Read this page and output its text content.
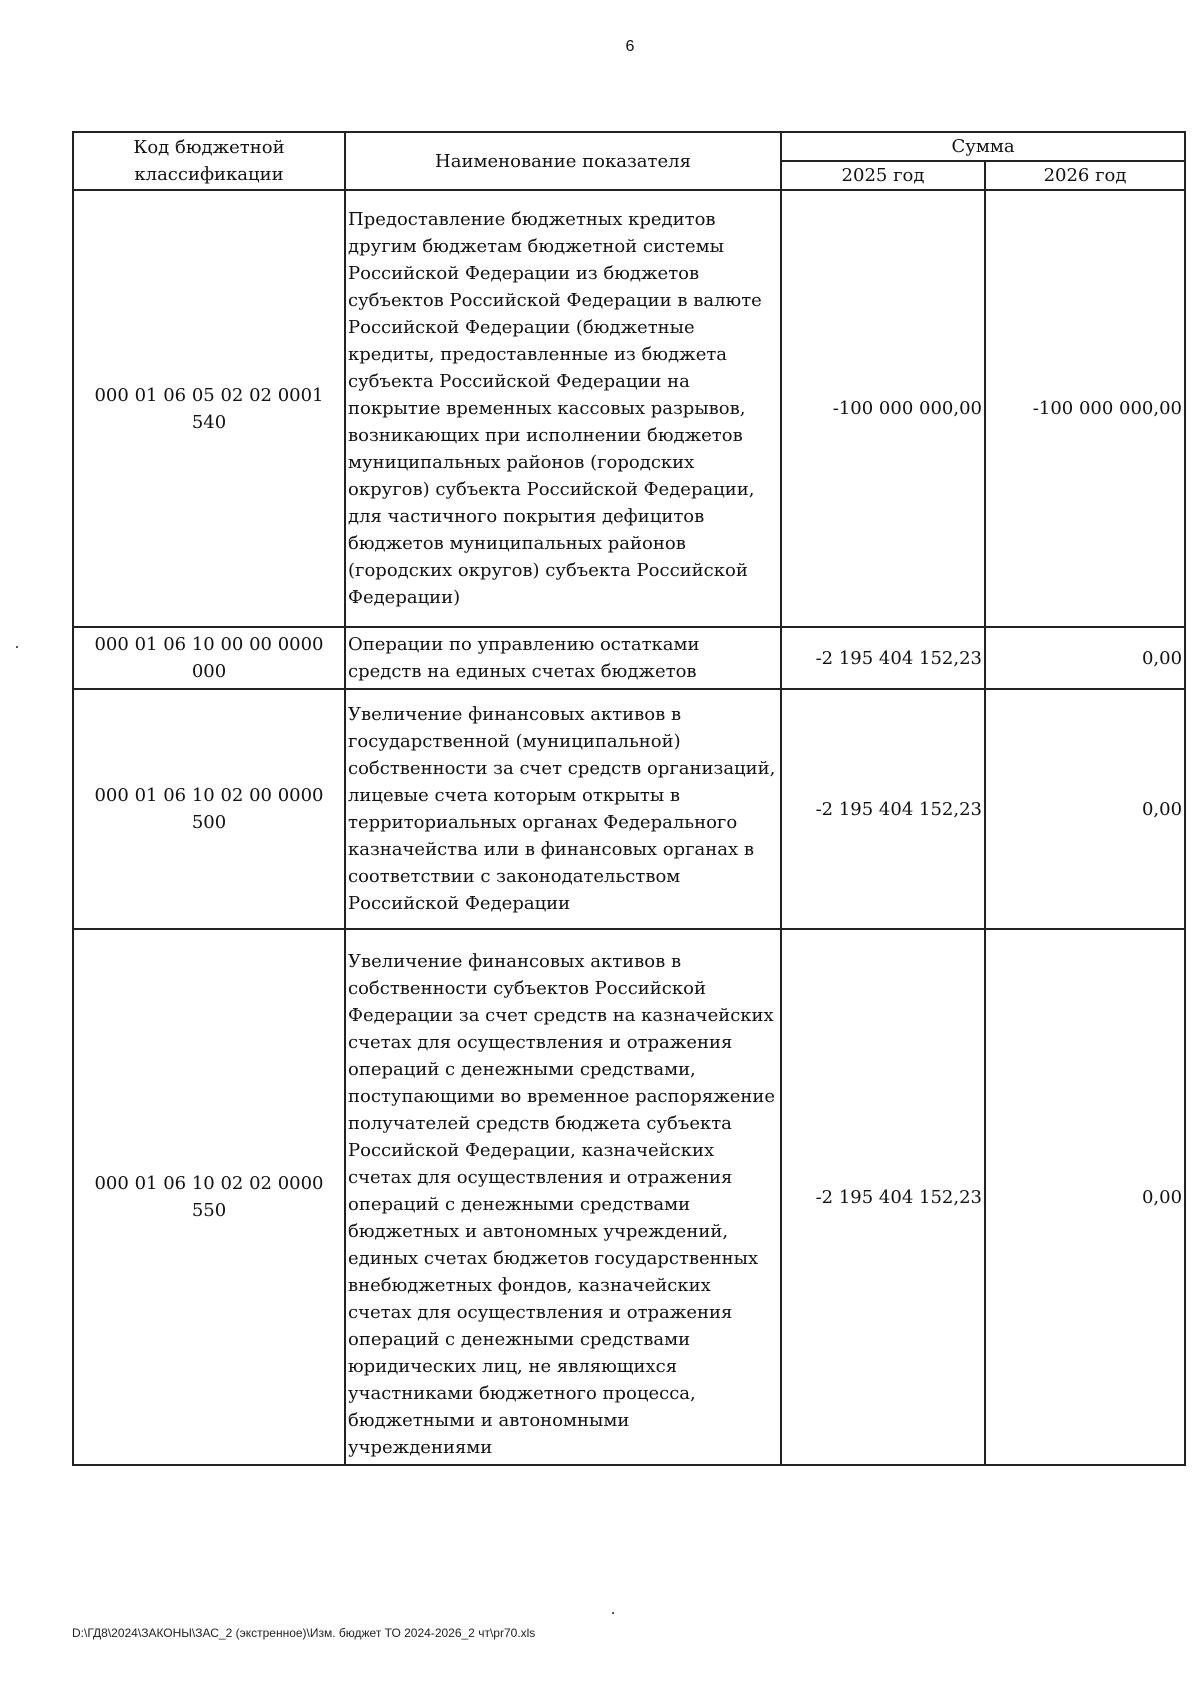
6
Код бюджетной классификации	Наименование показателя	Сумма	
		2025 год	2026 год
000 01 06 05 02 02 0001 540	Предоставление бюджетных кредитов другим бюджетам бюджетной системы Российской Федерации из бюджетов субъектов Российской Федерации в валюте Российской Федерации (бюджетные кредиты, предоставленные из бюджета субъекта Российской Федерации на покрытие временных кассовых разрывов, возникающих при исполнении бюджетов муниципальных районов (городских округов) субъекта Российской Федерации, для частичного покрытия дефицитов бюджетов муниципальных районов (городских округов) субъекта Российской Федерации)	-100 000 000,00	-100 000 000,00
000 01 06 10 00 00 0000 000	Операции по управлению остатками средств на единых счетах бюджетов	-2 195 404 152,23	0,00
000 01 06 10 02 00 0000 500	Увеличение финансовых активов в государственной (муниципальной) собственности за счет средств организаций, лицевые счета которым открыты в территориальных органах Федерального казначейства или в финансовых органах в соответствии с законодательством Российской Федерации	-2 195 404 152,23	0,00
000 01 06 10 02 02 0000 550	Увеличение финансовых активов в собственности субъектов Российской Федерации за счет средств на казначейских счетах для осуществления и отражения операций с денежными средствами, поступающими во временное распоряжение получателей средств бюджета субъекта Российской Федерации, казначейских счетах для осуществления и отражения операций с денежными средствами бюджетных и автономных учреждений, единых счетах бюджетов государственных внебюджетных фондов, казначейских счетах для осуществления и отражения операций с денежными средствами юридических лиц, не являющихся участниками бюджетного процесса, бюджетными и автономными учреждениями	-2 195 404 152,23	0,00
D:\ГД8\2024\ЗАКОНЫ\ЗАС_2 (экстренное)\Изм. бюджет ТО 2024-2026_2 чт\pr70.xls
